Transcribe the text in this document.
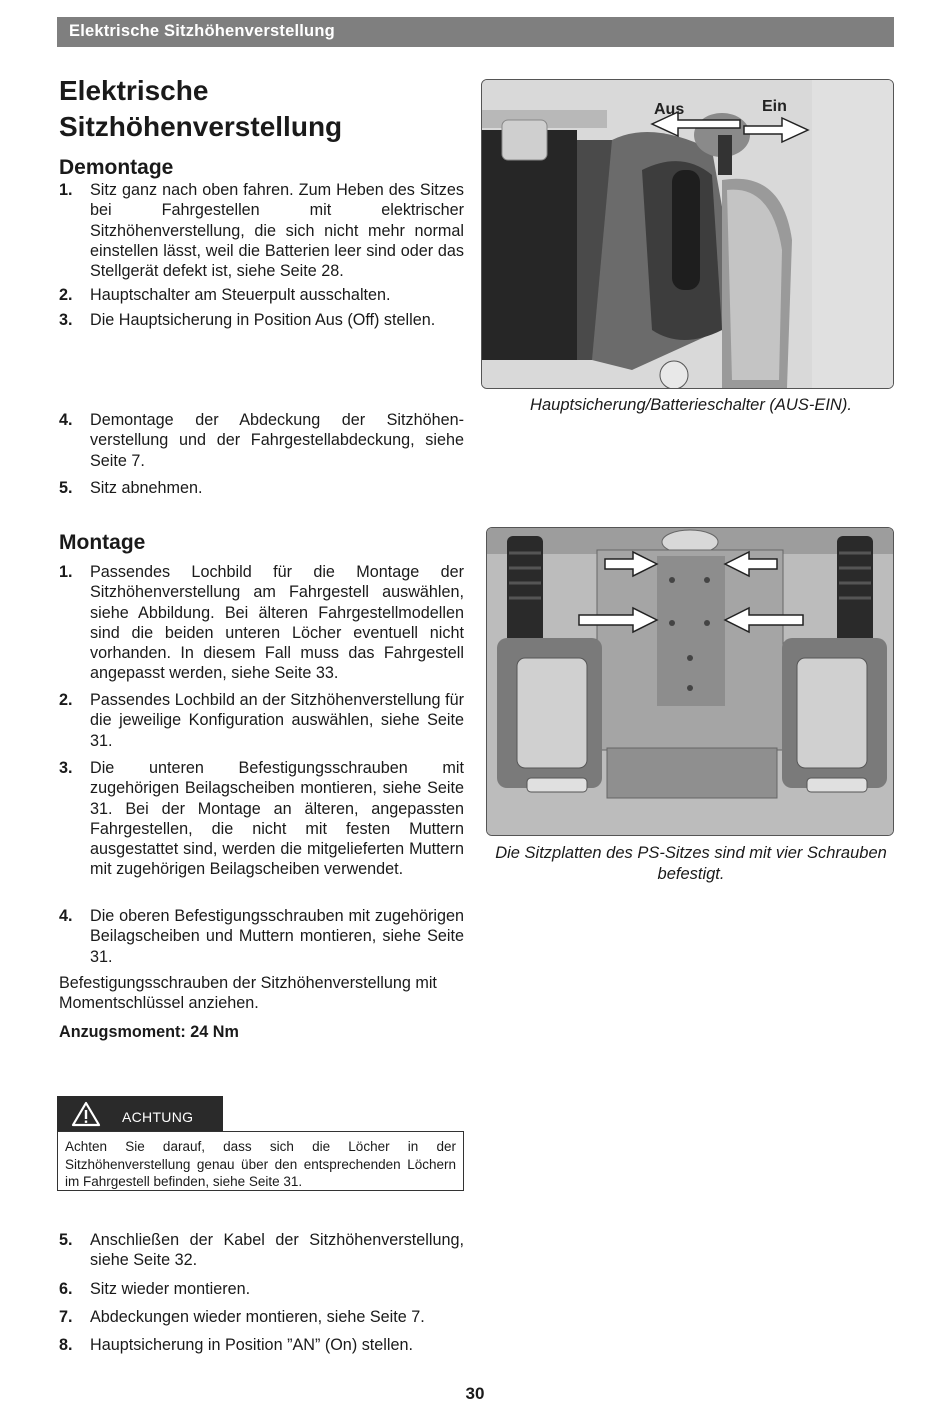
Elektrische Sitzhöhenverstellung
Elektrische
Sitzhöhenverstellung
Demontage
1.	Sitz ganz nach oben fahren. Zum Heben des Sitzes bei Fahrgestellen mit elektrischer Sitzhöhenverstellung, die sich nicht mehr normal einstellen lässt, weil die Batterien leer sind oder das Stellgerät defekt ist, siehe Seite 28.
2.	Hauptschalter am Steuerpult ausschalten.
3.	Die Hauptsicherung in Position Aus (Off) stellen.
4.	Demontage der Abdeckung der Sitzhöhen-verstellung und der Fahrgestellabdeckung, siehe Seite 7.
5.	Sitz abnehmen.
Aus	Ein

Hauptsicherung/Batterieschalter (AUS-EIN).

Montage
1.	Passendes Lochbild für die Montage der Sitzhöhenverstellung am Fahrgestell auswählen, siehe Abbildung. Bei älteren Fahrgestellmodellen sind die beiden unteren Löcher eventuell nicht vorhanden. In diesem Fall muss das Fahrgestell angepasst werden, siehe Seite 33.
2.	Passendes Lochbild an der Sitzhöhenverstellung für die jeweilige Konfiguration auswählen, siehe Seite 31.
3.	Die unteren Befestigungsschrauben mit zugehörigen Beilagscheiben montieren, siehe Seite 31. Bei der Montage an älteren, angepassten Fahrgestellen, die nicht mit festen Muttern ausgestattet sind, werden die mitgelieferten Muttern mit zugehörigen Beilagscheiben verwendet.
4.	Die oberen Befestigungsschrauben mit zugehörigen Beilagscheiben und Muttern montieren, siehe Seite 31.

Befestigungsschrauben der Sitzhöhenverstellung mit Momentschlüssel anziehen.

Anzugsmoment: 24 Nm

Die Sitzplatten des PS-Sitzes sind mit vier Schrauben befestigt.

ACHTUNG

Achten Sie darauf, dass sich die Löcher in der Sitzhöhenverstellung genau über den entsprechenden Löchern im Fahrgestell befinden, siehe Seite 31.

5.	Anschließen der Kabel der Sitzhöhenverstellung, siehe Seite 32.
6.	Sitz wieder montieren.
7.	Abdeckungen wieder montieren, siehe Seite 7.
8.	Hauptsicherung in Position ”AN” (On) stellen.
30
